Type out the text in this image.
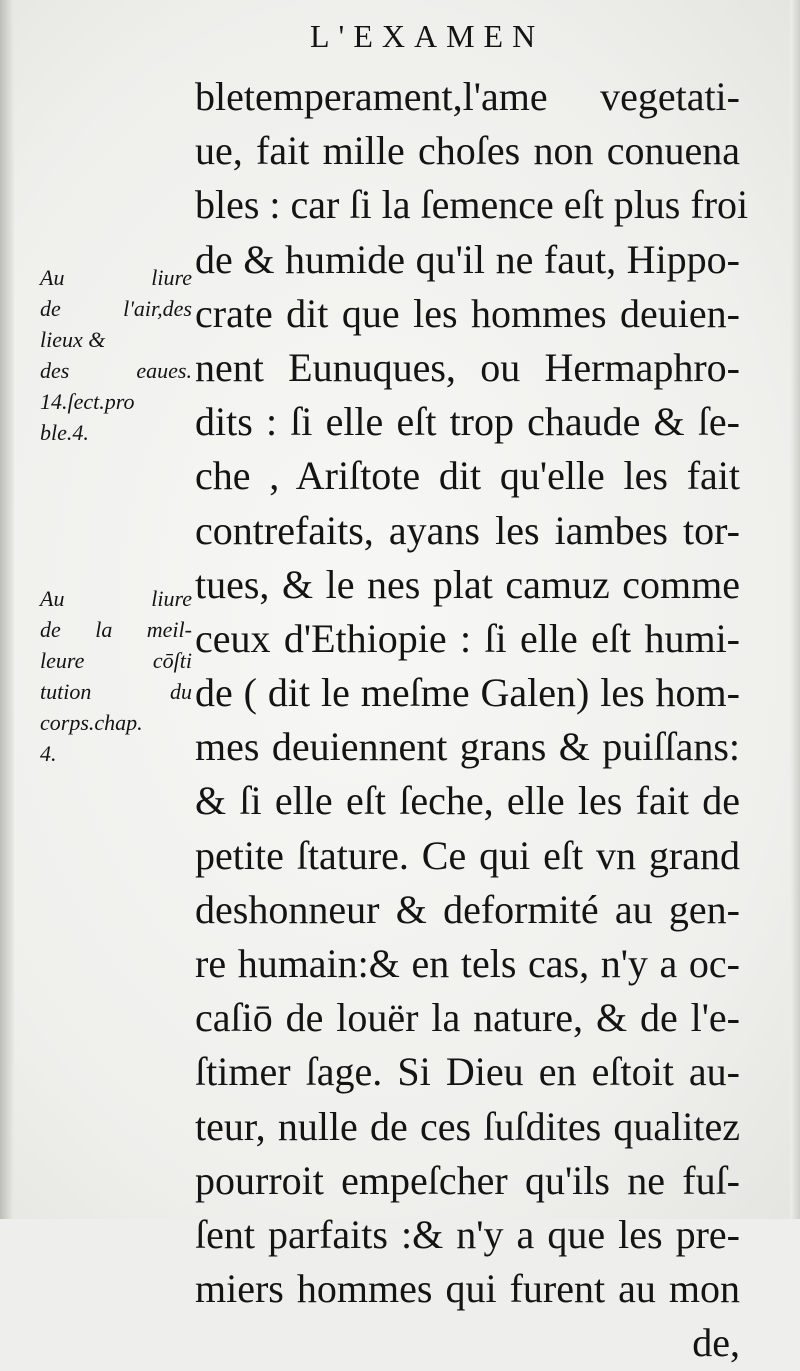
L'EXAMEN
Au liure
de l'air,des
lieux &
des eaues.
14.ſect.pro
ble.4.
Au liure
de la meil-
leure cōſti
tution du
corps.chap.
4.
bletemperament,l'ame vegetati-
ue, fait mille choſes non conuena
bles : car ſi la ſemence eſt plus froi
de & humide qu'il ne faut, Hippo-
crate dit que les hommes deuien-
nent Eunuques, ou Hermaphro-
dits : ſi elle eſt trop chaude & ſe-
che , Ariſtote dit qu'elle les fait
contrefaits, ayans les iambes tor-
tues, & le nes plat camuz comme
ceux d'Ethiopie : ſi elle eſt humi-
de ( dit le meſme Galen) les hom-
mes deuiennent grans & puiſſans:
& ſi elle eſt ſeche, elle les fait de
petite ſtature. Ce qui eſt vn grand
deshonneur & deformité au gen-
re humain:& en tels cas, n'y a oc-
caſiō de louër la nature, & de l'e-
ſtimer ſage. Si Dieu en eſtoit au-
teur, nulle de ces ſuſdites qualitez
pourroit empeſcher qu'ils ne fuſ-
ſent parfaits :& n'y a que les pre-
miers hommes qui furent au mon
de,
